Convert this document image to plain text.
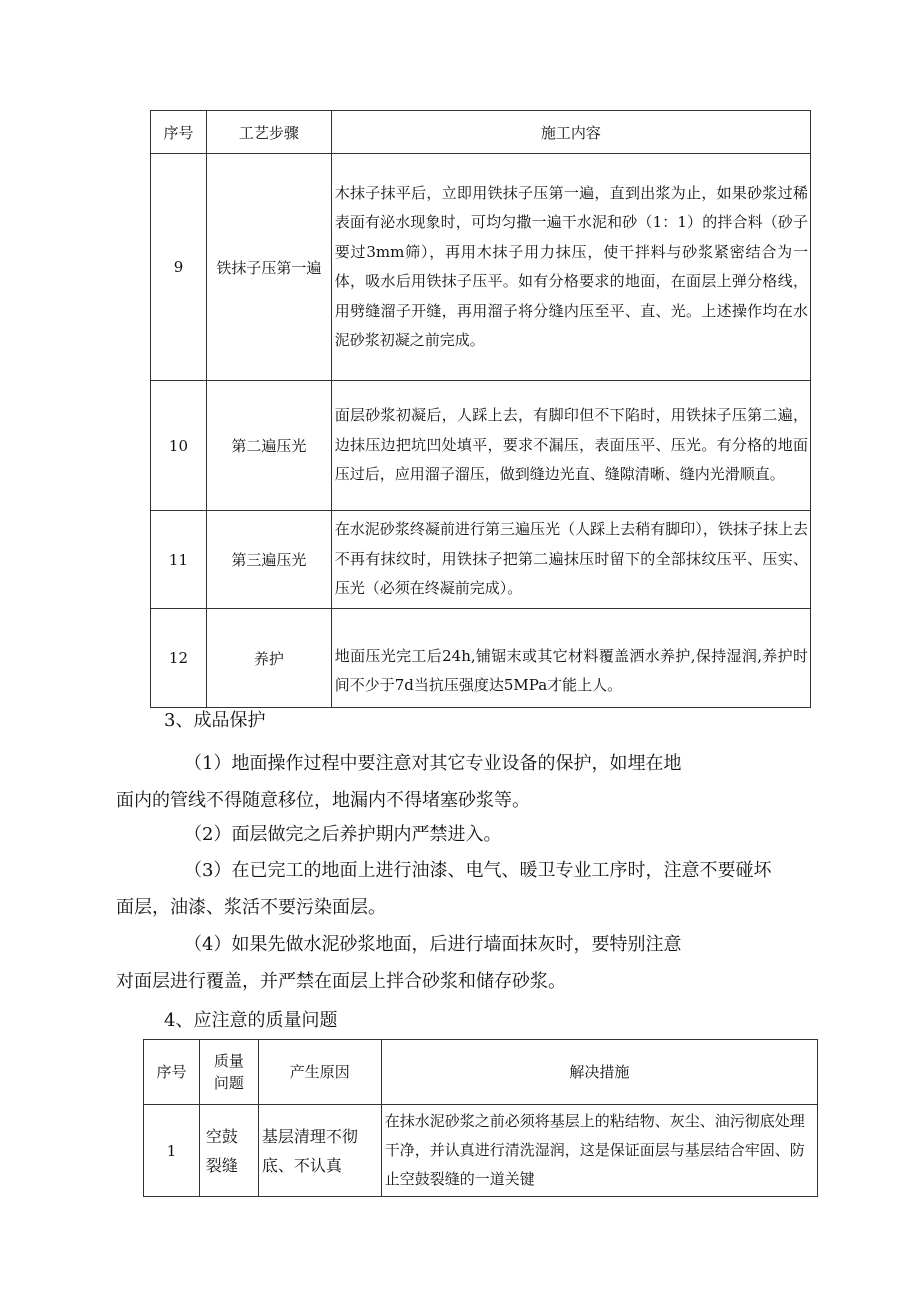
序号	工艺步骤	施工内容
9	铁抹子压第一遍	木抹子抹平后，立即用铁抹子压第一遍，直到出浆为止，如果砂浆过稀表面有泌水现象时，可均匀撒一遍干水泥和砂（1：1）的拌合料（砂子要过3mm筛），再用木抹子用力抹压，使干拌料与砂浆紧密结合为一体，吸水后用铁抹子压平。如有分格要求的地面，在面层上弹分格线，用劈缝溜子开缝，再用溜子将分缝内压至平、直、光。上述操作均在水泥砂浆初凝之前完成。
10	第二遍压光	面层砂浆初凝后，人踩上去，有脚印但不下陷时，用铁抹子压第二遍，边抹压边把坑凹处填平，要求不漏压，表面压平、压光。有分格的地面压过后，应用溜子溜压，做到缝边光直、缝隙清晰、缝内光滑顺直。
11	第三遍压光	在水泥砂浆终凝前进行第三遍压光（人踩上去稍有脚印），铁抹子抹上去不再有抹纹时，用铁抹子把第二遍抹压时留下的全部抹纹压平、压实、压光（必须在终凝前完成）。
12	养护	地面压光完工后24h,铺锯末或其它材料覆盖洒水养护,保持湿润,养护时间不少于7d当抗压强度达5MPa才能上人。

3、成品保护

（1）地面操作过程中要注意对其它专业设备的保护，如埋在地

面内的管线不得随意移位，地漏内不得堵塞砂浆等。

（2）面层做完之后养护期内严禁进入。

（3）在已完工的地面上进行油漆、电气、暖卫专业工序时，注意不要碰坏

面层，油漆、浆活不要污染面层。

（4）如果先做水泥砂浆地面，后进行墙面抹灰时，要特别注意

对面层进行覆盖，并严禁在面层上拌合砂浆和储存砂浆。

4、应注意的质量问题

序号	质量问题	产生原因	解决措施
1	空鼓裂缝	基层清理不彻底、不认真	在抹水泥砂浆之前必须将基层上的粘结物、灰尘、油污彻底处理干净，并认真进行清洗湿润，这是保证面层与基层结合牢固、防止空鼓裂缝的一道关键
